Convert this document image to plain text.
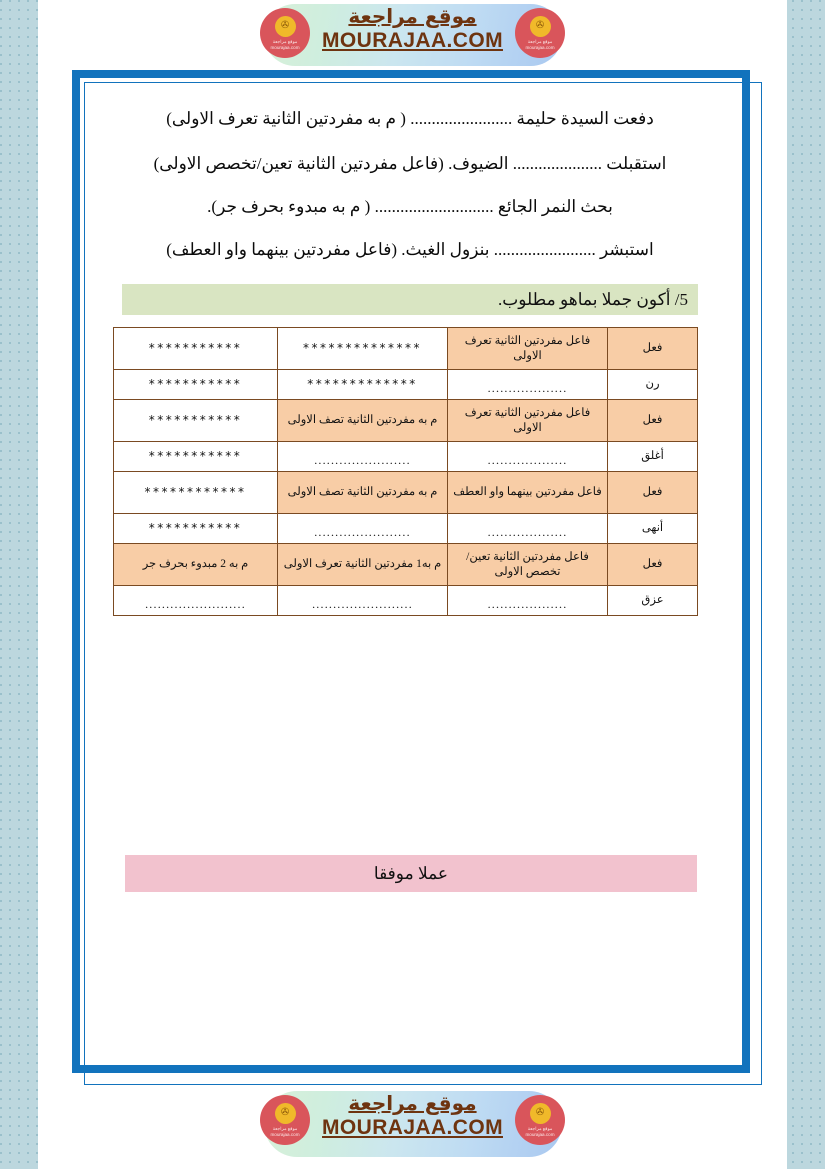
✇
موقع مراجعة
mourajaa.com
✇
موقع مراجعة
mourajaa.com
موقع مراجعة
MOURAJAA.COM

دفعت السيدة حليمة ........................ ( م به مفردتين الثانية تعرف الاولى)

استقبلت ..................... الضيوف. (فاعل مفردتين الثانية تعين/تخصص الاولى)

بحث النمر الجائع ............................ ( م به مبدوء بحرف جر).

استبشر ........................ بنزول الغيث. (فاعل مفردتين بينهما واو العطف)

5/ أكون جملا بماهو مطلوب.
فعل	فاعل مفردتين الثانية تعرف الاولى	**************	***********

رن	...................	*************	***********

فعل	فاعل مفردتين الثانية تعرف الاولى	م به مفردتين الثانية تصف الاولى	***********

أغلق	...................	.......................	***********

فعل	فاعل مفردتين بينهما واو العطف	م به مفردتين الثانية تصف الاولى	************

أنهى	...................	.......................	***********

فعل	فاعل مفردتين الثانية تعين/تخصص الاولى	م به1 مفردتين الثانية تعرف الاولى	م به 2 مبدوء بحرف جر
عزق	...................	........................	........................
عملا موفقا
✇
موقع مراجعة
mourajaa.com
✇
موقع مراجعة
mourajaa.com
موقع مراجعة
MOURAJAA.COM
